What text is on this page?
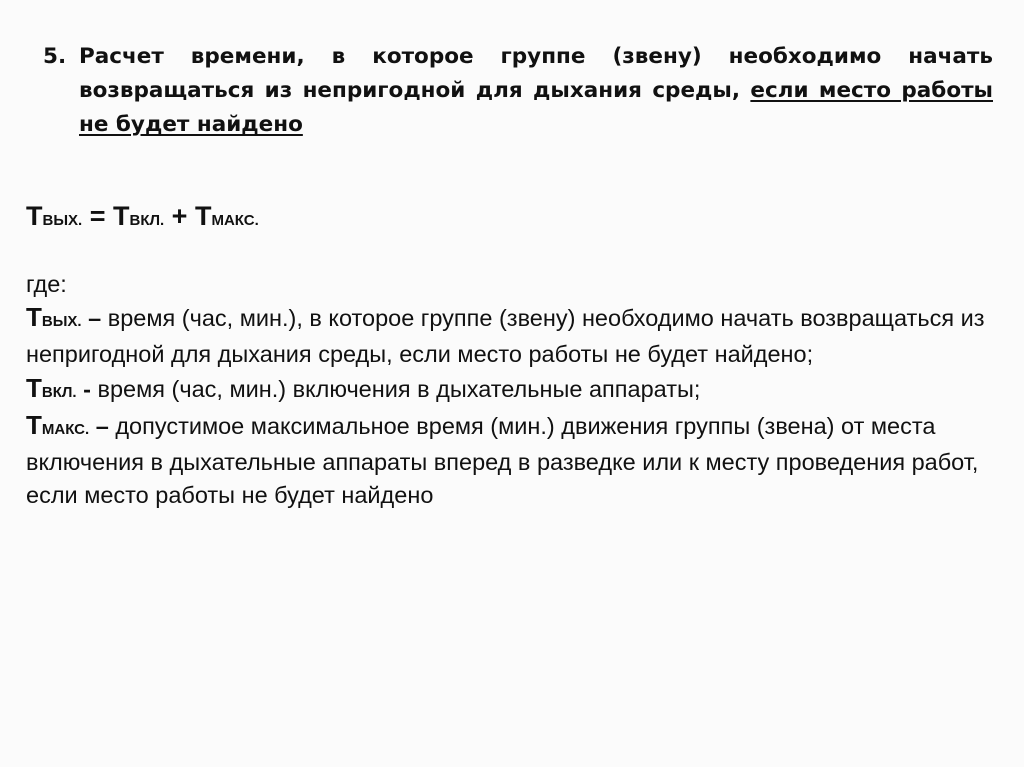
5. Расчет времени, в которое группе (звену) необходимо начать возвращаться из непригодной для дыхания среды, если место работы не будет найдено
ТВЫХ. = ТВКЛ. + ТМАКС.

где:

ТВЫХ. – время (час, мин.), в которое группе (звену) необходимо начать возвращаться из непригодной для дыхания среды, если место работы не будет найдено;

ТВКЛ. - время (час, мин.) включения в дыхательные аппараты;

ТМАКС. – допустимое максимальное время (мин.) движения группы (звена) от места включения в дыхательные аппараты вперед в разведке или к месту проведения работ, если место работы не будет найдено
